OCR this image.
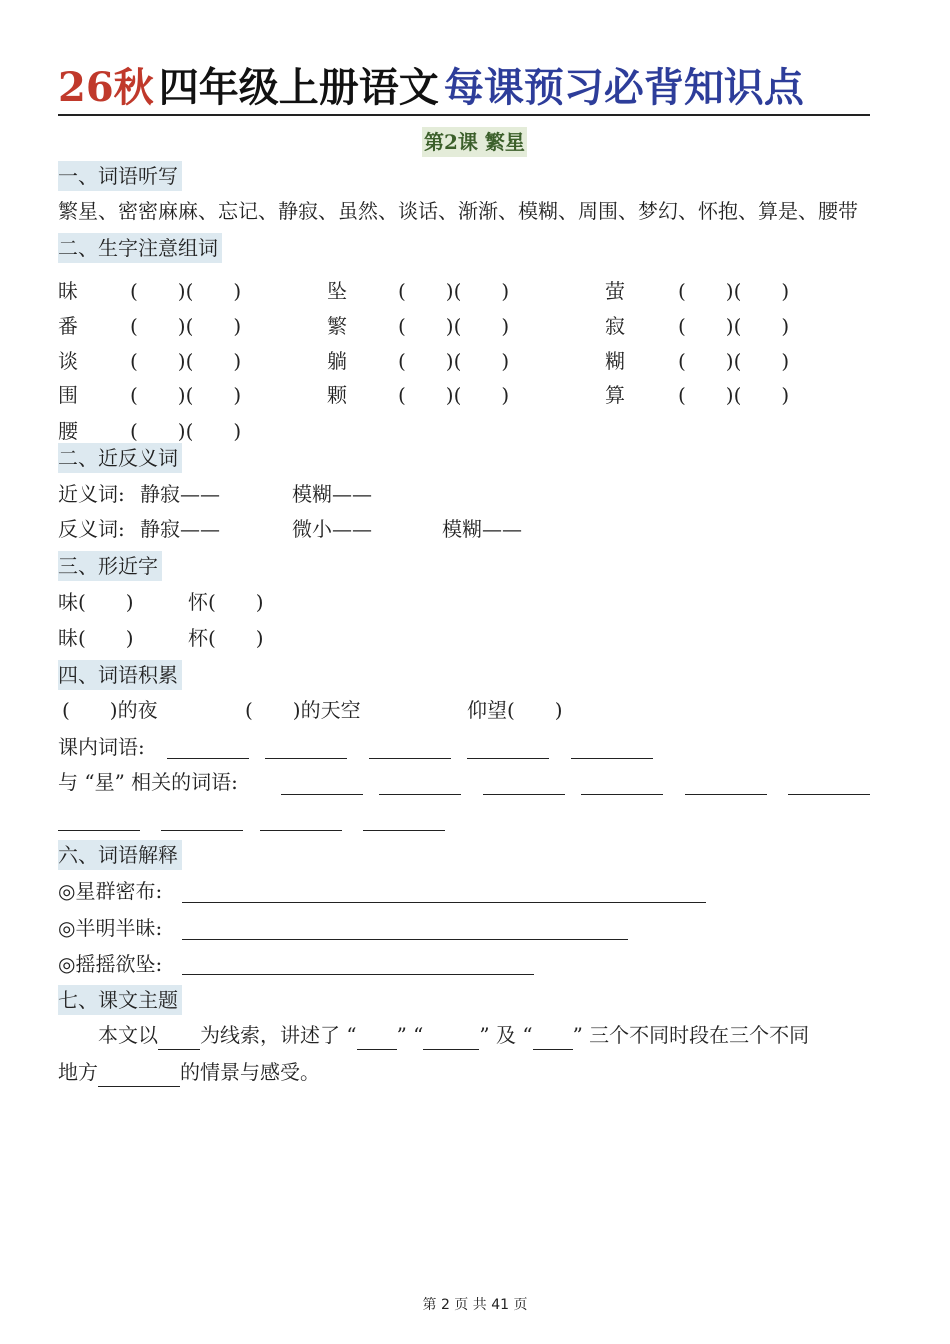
26秋 四年级上册语文 每课预习必背知识点
第2课 繁星
一、词语听写
繁星、密密麻麻、忘记、静寂、虽然、谈话、渐渐、模糊、周围、梦幻、怀抱、算是、腰带
二、生字注意组词
昧	(　　)(　　)	坠	(　　)(　　)	萤	(　　)(　　)
番	(　　)(　　)	繁	(　　)(　　)	寂	(　　)(　　)
谈	(　　)(　　)	躺	(　　)(　　)	糊	(　　)(　　)
围	(　　)(　　)	颗	(　　)(　　)	算	(　　)(　　)
腰	(　　)(　　)
二、近反义词
近义词: 静寂——	模糊——
反义词: 静寂——	微小——	模糊——
三、形近字
味(　　)	怀(　　)
昧(　　)	杯(　　)
四、词语积累
(　　)的夜	(　　)的天空	仰望(　　)
课内词语:
与 “星” 相关的词语:
六、词语解释
◎星群密布:
◎半明半昧:
◎摇摇欲坠:
七、课文主题
本文以 为线索，讲述了 “ ” “	” 及 “ ” 三个不同时段在三个不同
地方	的情景与感受。
第 2 页 共 41 页
